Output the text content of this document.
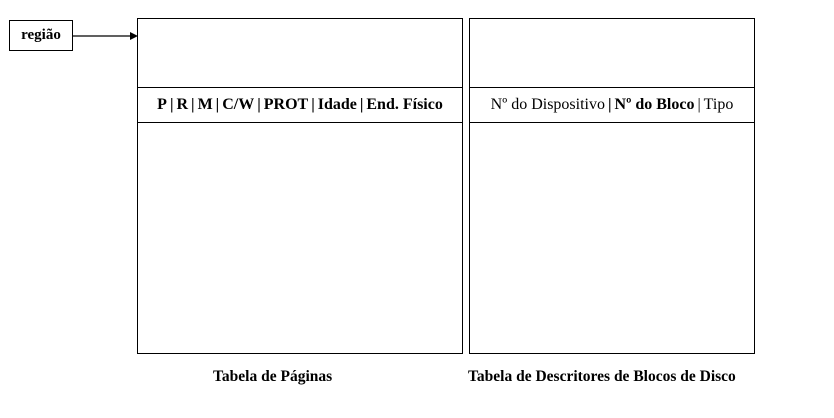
região
P | R | M | C/W | PROT | Idade | End. Físico	Nº do Dispositivo | Nº do Bloco | Tipo
Tabela de Páginas	Tabela de Descritores de Blocos de Disco
